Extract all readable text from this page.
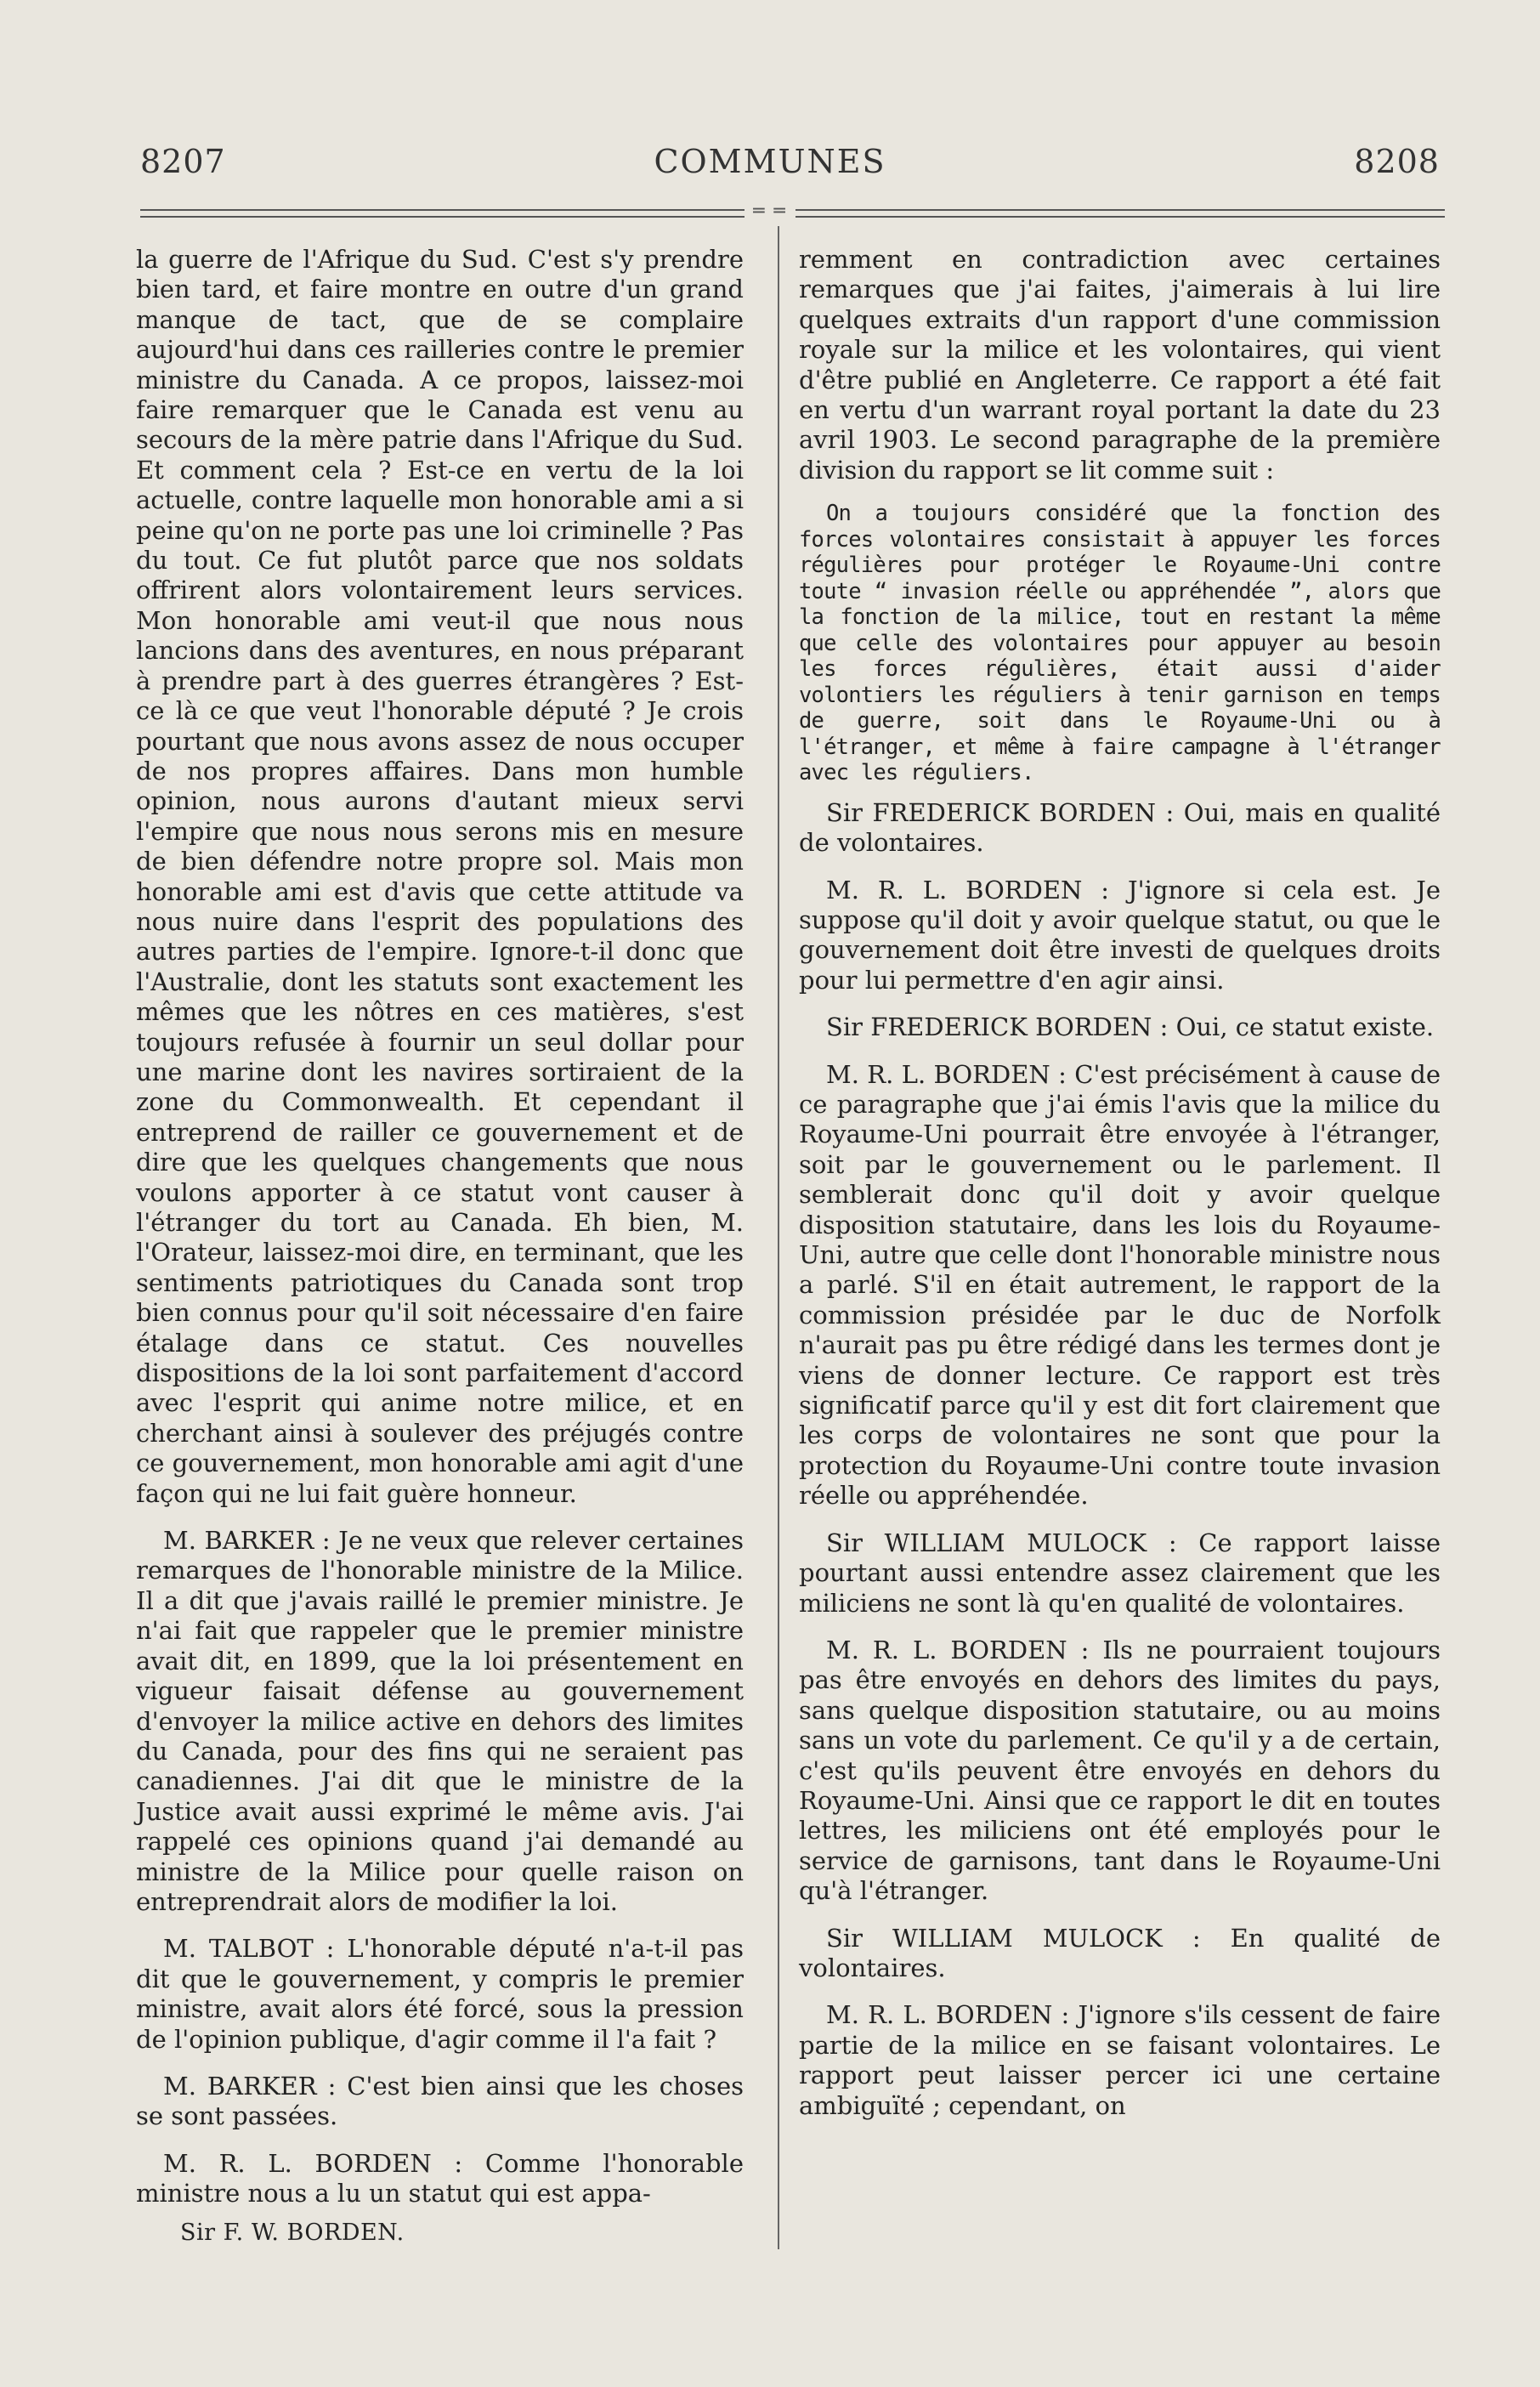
8207	COMMUNES	8208
═ ═

la guerre de l'Afrique du Sud. C'est s'y prendre bien tard, et faire montre en outre d'un grand manque de tact, que de se complaire aujourd'hui dans ces railleries contre le premier ministre du Canada. A ce propos, laissez-moi faire remarquer que le Canada est venu au secours de la mère patrie dans l'Afrique du Sud. Et comment cela ? Est-ce en vertu de la loi actuelle, contre laquelle mon honorable ami a si peine qu'on ne porte pas une loi criminelle ? Pas du tout. Ce fut plutôt parce que nos soldats offrirent alors volontairement leurs services. Mon honorable ami veut-il que nous nous lancions dans des aventures, en nous préparant à prendre part à des guerres étrangères ? Est-ce là ce que veut l'honorable député ? Je crois pourtant que nous avons assez de nous occuper de nos propres affaires. Dans mon humble opinion, nous aurons d'autant mieux servi l'empire que nous nous serons mis en mesure de bien défendre notre propre sol. Mais mon honorable ami est d'avis que cette attitude va nous nuire dans l'esprit des populations des autres parties de l'empire. Ignore-t-il donc que l'Australie, dont les statuts sont exactement les mêmes que les nôtres en ces matières, s'est toujours refusée à fournir un seul dollar pour une marine dont les navires sortiraient de la zone du Commonwealth. Et cependant il entreprend de railler ce gouvernement et de dire que les quelques changements que nous voulons apporter à ce statut vont causer à l'étranger du tort au Canada. Eh bien, M. l'Orateur, laissez-moi dire, en terminant, que les sentiments patriotiques du Canada sont trop bien connus pour qu'il soit nécessaire d'en faire étalage dans ce statut. Ces nouvelles dispositions de la loi sont parfaitement d'accord avec l'esprit qui anime notre milice, et en cherchant ainsi à soulever des préjugés contre ce gouvernement, mon honorable ami agit d'une façon qui ne lui fait guère honneur.

M. BARKER : Je ne veux que relever certaines remarques de l'honorable ministre de la Milice. Il a dit que j'avais raillé le premier ministre. Je n'ai fait que rappeler que le premier ministre avait dit, en 1899, que la loi présentement en vigueur faisait défense au gouvernement d'envoyer la milice active en dehors des limites du Canada, pour des fins qui ne seraient pas canadiennes. J'ai dit que le ministre de la Justice avait aussi exprimé le même avis. J'ai rappelé ces opinions quand j'ai demandé au ministre de la Milice pour quelle raison on entreprendrait alors de modifier la loi.

M. TALBOT : L'honorable député n'a-t-il pas dit que le gouvernement, y compris le premier ministre, avait alors été forcé, sous la pression de l'opinion publique, d'agir comme il l'a fait ?

M. BARKER : C'est bien ainsi que les choses se sont passées.

M. R. L. BORDEN : Comme l'honorable ministre nous a lu un statut qui est appa-

Sir F. W. BORDEN.

remment en contradiction avec certaines remarques que j'ai faites, j'aimerais à lui lire quelques extraits d'un rapport d'une commission royale sur la milice et les volontaires, qui vient d'être publié en Angleterre. Ce rapport a été fait en vertu d'un warrant royal portant la date du 23 avril 1903. Le second paragraphe de la première division du rapport se lit comme suit :

On a toujours considéré que la fonction des forces volontaires consistait à appuyer les forces régulières pour protéger le Royaume-Uni contre toute “ invasion réelle ou appréhendée ”, alors que la fonction de la milice, tout en restant la même que celle des volontaires pour appuyer au besoin les forces régulières, était aussi d'aider volontiers les réguliers à tenir garnison en temps de guerre, soit dans le Royaume-Uni ou à l'étranger, et même à faire campagne à l'étranger avec les réguliers.

Sir FREDERICK BORDEN : Oui, mais en qualité de volontaires.

M. R. L. BORDEN : J'ignore si cela est. Je suppose qu'il doit y avoir quelque statut, ou que le gouvernement doit être investi de quelques droits pour lui permettre d'en agir ainsi.

Sir FREDERICK BORDEN : Oui, ce statut existe.

M. R. L. BORDEN : C'est précisément à cause de ce paragraphe que j'ai émis l'avis que la milice du Royaume-Uni pourrait être envoyée à l'étranger, soit par le gouvernement ou le parlement. Il semblerait donc qu'il doit y avoir quelque disposition statutaire, dans les lois du Royaume-Uni, autre que celle dont l'honorable ministre nous a parlé. S'il en était autrement, le rapport de la commission présidée par le duc de Norfolk n'aurait pas pu être rédigé dans les termes dont je viens de donner lecture. Ce rapport est très significatif parce qu'il y est dit fort clairement que les corps de volontaires ne sont que pour la protection du Royaume-Uni contre toute invasion réelle ou appréhendée.

Sir WILLIAM MULOCK : Ce rapport laisse pourtant aussi entendre assez clairement que les miliciens ne sont là qu'en qualité de volontaires.

M. R. L. BORDEN : Ils ne pourraient toujours pas être envoyés en dehors des limites du pays, sans quelque disposition statutaire, ou au moins sans un vote du parlement. Ce qu'il y a de certain, c'est qu'ils peuvent être envoyés en dehors du Royaume-Uni. Ainsi que ce rapport le dit en toutes lettres, les miliciens ont été employés pour le service de garnisons, tant dans le Royaume-Uni qu'à l'étranger.

Sir WILLIAM MULOCK : En qualité de volontaires.

M. R. L. BORDEN : J'ignore s'ils cessent de faire partie de la milice en se faisant volontaires. Le rapport peut laisser percer ici une certaine ambiguïté ; cependant, on
